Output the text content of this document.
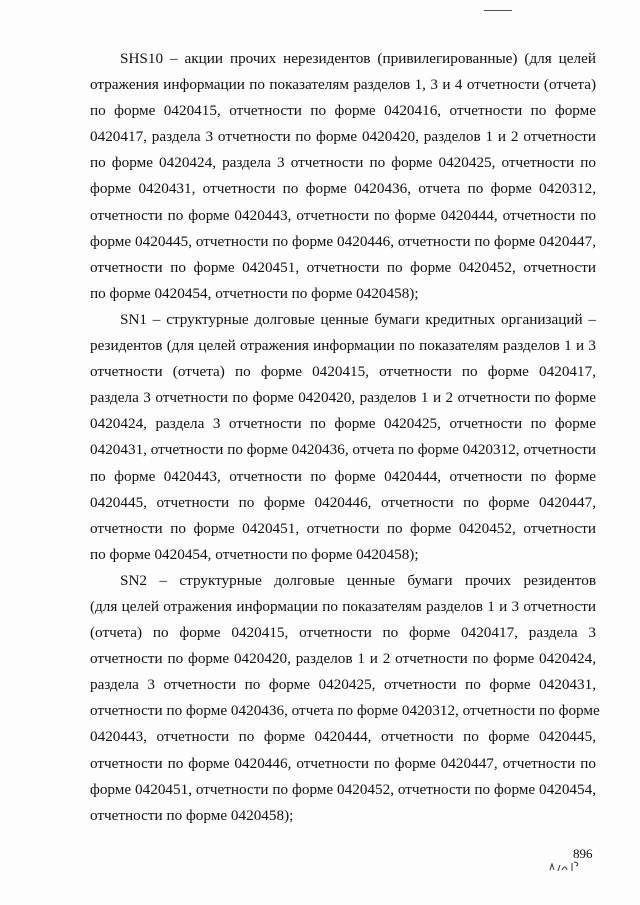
SHS10 – акции прочих нерезидентов (привилегированные) (для целей
отражения информации по показателям разделов 1, 3 и 4 отчетности (отчета)
по форме 0420415, отчетности по форме 0420416, отчетности по форме
0420417, раздела 3 отчетности по форме 0420420, разделов 1 и 2 отчетности
по форме 0420424, раздела 3 отчетности по форме 0420425, отчетности по
форме 0420431, отчетности по форме 0420436, отчета по форме 0420312,
отчетности по форме 0420443, отчетности по форме 0420444, отчетности по
форме 0420445, отчетности по форме 0420446, отчетности по форме 0420447,
отчетности по форме 0420451, отчетности по форме 0420452, отчетности
по форме 0420454, отчетности по форме 0420458);

SN1 – структурные долговые ценные бумаги кредитных организаций –
резидентов (для целей отражения информации по показателям разделов 1 и 3
отчетности (отчета) по форме 0420415, отчетности по форме 0420417,
раздела 3 отчетности по форме 0420420, разделов 1 и 2 отчетности по форме
0420424, раздела 3 отчетности по форме 0420425, отчетности по форме
0420431, отчетности по форме 0420436, отчета по форме 0420312, отчетности
по форме 0420443, отчетности по форме 0420444, отчетности по форме
0420445, отчетности по форме 0420446, отчетности по форме 0420447,
отчетности по форме 0420451, отчетности по форме 0420452, отчетности
по форме 0420454, отчетности по форме 0420458);

SN2 – структурные долговые ценные бумаги прочих резидентов
(для целей отражения информации по показателям разделов 1 и 3 отчетности
(отчета) по форме 0420415, отчетности по форме 0420417, раздела 3
отчетности по форме 0420420, разделов 1 и 2 отчетности по форме 0420424,
раздела 3 отчетности по форме 0420425, отчетности по форме 0420431,
отчетности по форме 0420436, отчета по форме 0420312, отчетности по форме
0420443, отчетности по форме 0420444, отчетности по форме 0420445,
отчетности по форме 0420446, отчетности по форме 0420447, отчетности по
форме 0420451, отчетности по форме 0420452, отчетности по форме 0420454,
отчетности по форме 0420458);

896
